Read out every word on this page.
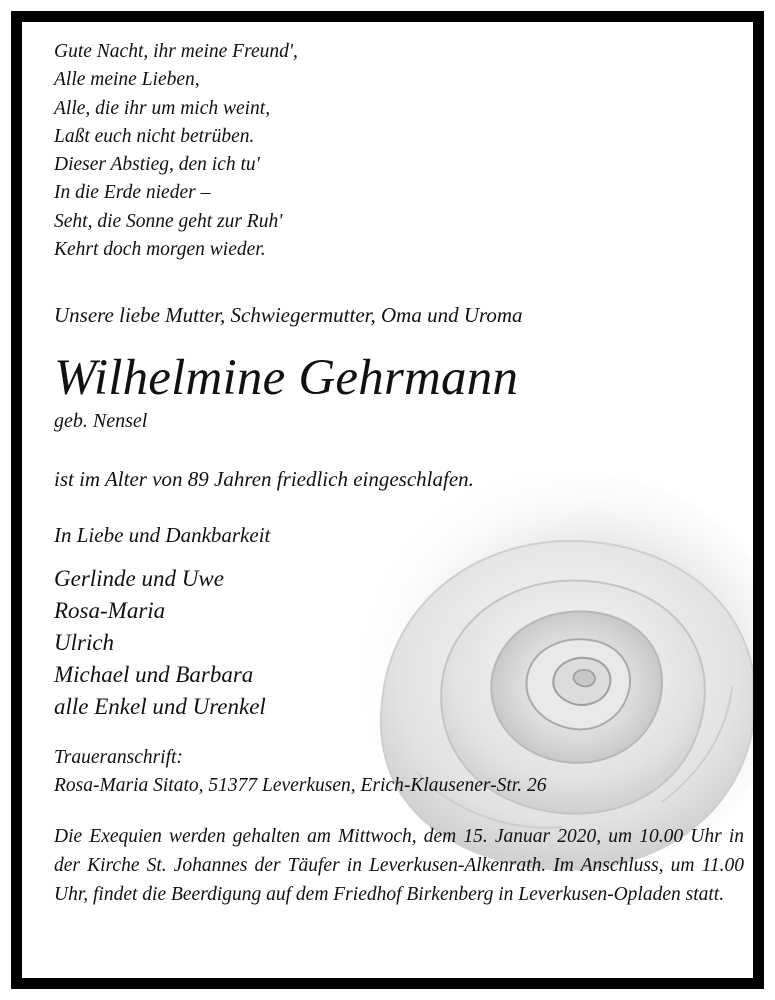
Gute Nacht, ihr meine Freund',
Alle meine Lieben,
Alle, die ihr um mich weint,
Laßt euch nicht betrüben.
Dieser Abstieg, den ich tu'
In die Erde nieder –
Seht, die Sonne geht zur Ruh'
Kehrt doch morgen wieder.
Unsere liebe Mutter, Schwiegermutter, Oma und Uroma
Wilhelmine Gehrmann
geb. Nensel
ist im Alter von 89 Jahren friedlich eingeschlafen.
In Liebe und Dankbarkeit
Gerlinde und Uwe
Rosa-Maria
Ulrich
Michael und Barbara
alle Enkel und Urenkel
Traueranschrift:
Rosa-Maria Sitato, 51377 Leverkusen, Erich-Klausener-Str. 26
Die Exequien werden gehalten am Mittwoch, dem 15. Januar 2020, um 10.00 Uhr in der Kirche St. Johannes der Täufer in Leverkusen-Alkenrath. Im Anschluss, um 11.00 Uhr, findet die Beerdigung auf dem Friedhof Birkenberg in Leverkusen-Opladen statt.
